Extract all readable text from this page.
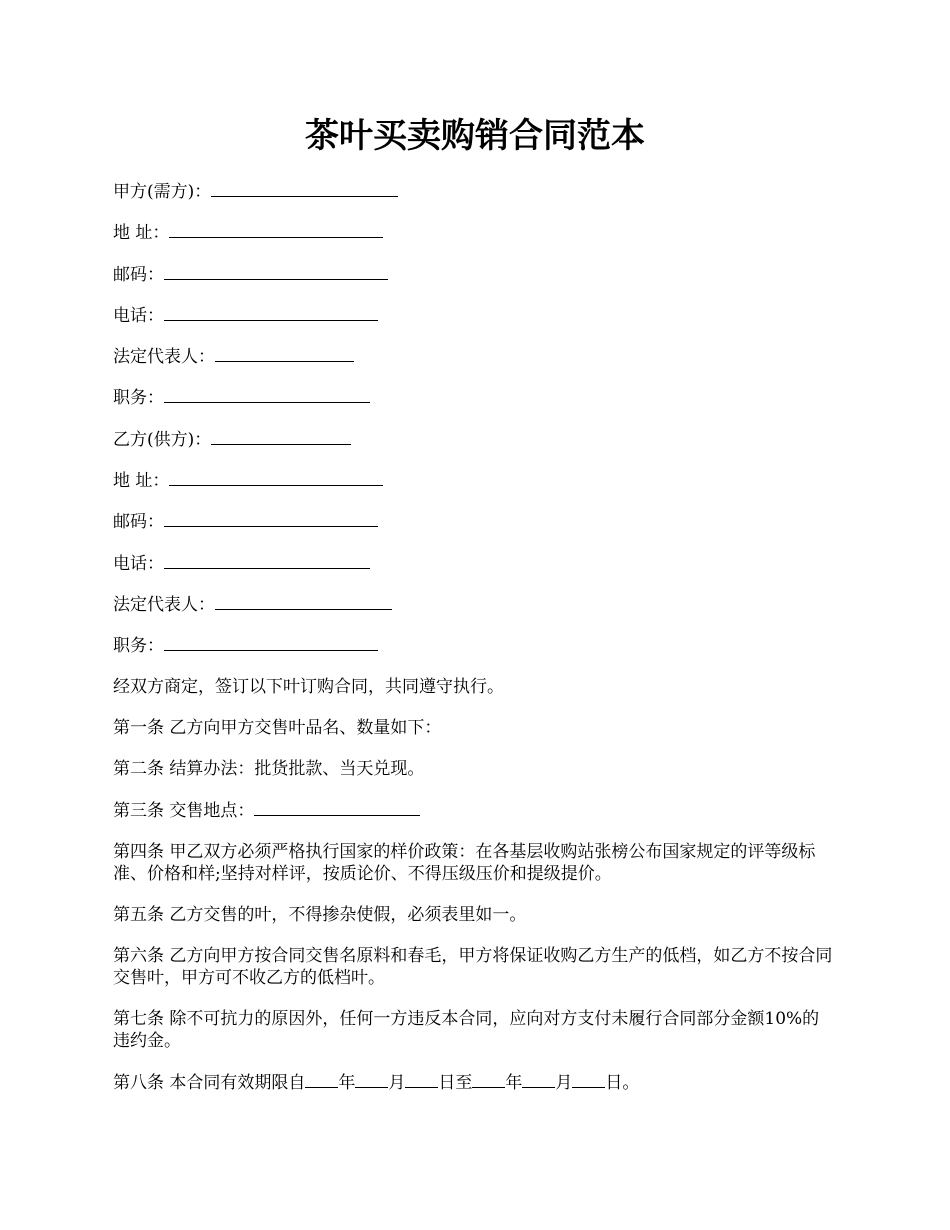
茶叶买卖购销合同范本
甲方(需方)：
地 址：
邮码：
电话：
法定代表人：
职务：
乙方(供方)：
地 址：
邮码：
电话：
法定代表人：
职务：
经双方商定，签订以下叶订购合同，共同遵守执行。
第一条 乙方向甲方交售叶品名、数量如下：
第二条 结算办法：批货批款、当天兑现。
第三条 交售地点：
第四条 甲乙双方必须严格执行国家的样价政策：在各基层收购站张榜公布国家规定的评等级标准、价格和样;坚持对样评，按质论价、不得压级压价和提级提价。
第五条 乙方交售的叶，不得掺杂使假，必须表里如一。
第六条 乙方向甲方按合同交售名原料和春毛，甲方将保证收购乙方生产的低档，如乙方不按合同交售叶，甲方可不收乙方的低档叶。
第七条 除不可抗力的原因外，任何一方违反本合同，应向对方支付未履行合同部分金额10%的违约金。
第八条 本合同有效期限自 年 月 日至 年 月 日。
